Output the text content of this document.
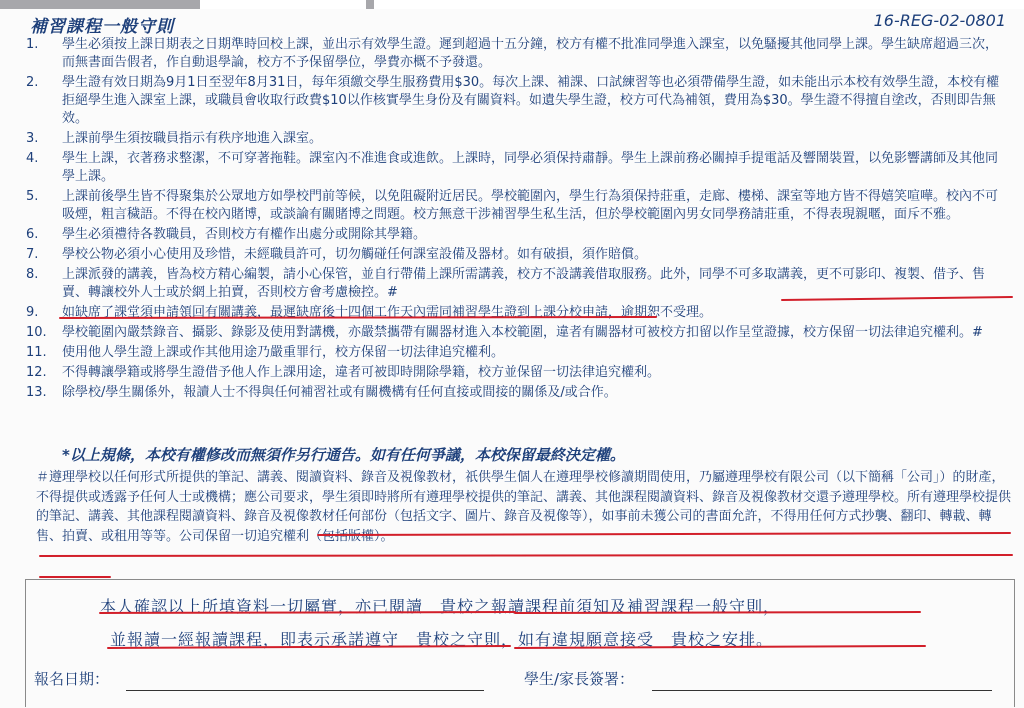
補習課程一般守則	16-REG-02-0801
1.	學生必須按上課日期表之日期準時回校上課，並出示有效學生證。遲到超過十五分鐘，校方有權不批准同學進入課室，以免騷擾其他同學上課。學生缺席超過三次，而無書面告假者，作自動退學論，校方不予保留學位，學費亦概不予發還。
2.	學生證有效日期為9月1日至翌年8月31日，每年須繳交學生服務費用$30。每次上課、補課、口試練習等也必須帶備學生證，如未能出示本校有效學生證，本校有權拒絕學生進入課室上課，或職員會收取行政費$10以作核實學生身份及有關資料。如遺失學生證，校方可代為補領，費用為$30。學生證不得擅自塗改，否則即告無效。
3.	上課前學生須按職員指示有秩序地進入課室。
4.	學生上課，衣著務求整潔，不可穿著拖鞋。課室內不准進食或進飲。上課時，同學必須保持肅靜。學生上課前務必關掉手提電話及響鬧裝置，以免影響講師及其他同學上課。
5.	上課前後學生皆不得聚集於公眾地方如學校門前等候，以免阻礙附近居民。學校範圍內，學生行為須保持莊重，走廊、樓梯、課室等地方皆不得嬉笑喧嘩。校內不可吸煙，粗言穢語。不得在校內賭博，或談論有關賭博之問題。校方無意干涉補習學生私生活，但於學校範圍內男女同學務請莊重，不得表現親暱，面斥不雅。
6.	學生必須禮待各教職員，否則校方有權作出處分或開除其學籍。
7.	學校公物必須小心使用及珍惜，未經職員許可，切勿觸碰任何課室設備及器材。如有破損，須作賠償。
8.	上課派發的講義，皆為校方精心編製，請小心保管，並自行帶備上課所需講義，校方不設講義借取服務。此外，同學不可多取講義，更不可影印、複製、借予、售賣、轉讓校外人士或於網上拍賣，否則校方會考慮檢控。#
9.	如缺席了課堂須申請領回有關講義，最遲缺席後十四個工作天內需同補習學生證到上課分校申請，逾期恕不受理。
10.	學校範圍內嚴禁錄音、攝影、錄影及使用對講機，亦嚴禁攜帶有關器材進入本校範圍，違者有關器材可被校方扣留以作呈堂證據，校方保留一切法律追究權利。#
11.	使用他人學生證上課或作其他用途乃嚴重罪行，校方保留一切法律追究權利。
12.	不得轉讓學籍或將學生證借予他人作上課用途，違者可被即時開除學籍，校方並保留一切法律追究權利。
13.	除學校/學生關係外，報讀人士不得與任何補習社或有關機構有任何直接或間接的關係及/或合作。
*以上規條，本校有權修改而無須作另行通告。如有任何爭議，本校保留最終決定權。
＃遵理學校以任何形式所提供的筆記、講義、閱讀資料、錄音及視像教材，祇供學生個人在遵理學校修讀期間使用，乃屬遵理學校有限公司（以下簡稱「公司」）的財產，不得提供或透露予任何人士或機構；應公司要求，學生須即時將所有遵理學校提供的筆記、講義、其他課程閱讀資料、錄音及視像教材交還予遵理學校。所有遵理學校提供的筆記、講義、其他課程閱讀資料、錄音及視像教材任何部份（包括文字、圖片、錄音及視像等），如事前未獲公司的書面允許，不得用任何方式抄襲、翻印、轉載、轉售、拍賣、或租用等等。公司保留一切追究權利（包括版權）。
本人確認以上所填資料一切屬實，亦已閱讀　貴校之報讀課程前須知及補習課程一般守則，
並報讀一經報讀課程，即表示承諾遵守　貴校之守則，如有違規願意接受　貴校之安排。
報名日期：	學生/家長簽署：
